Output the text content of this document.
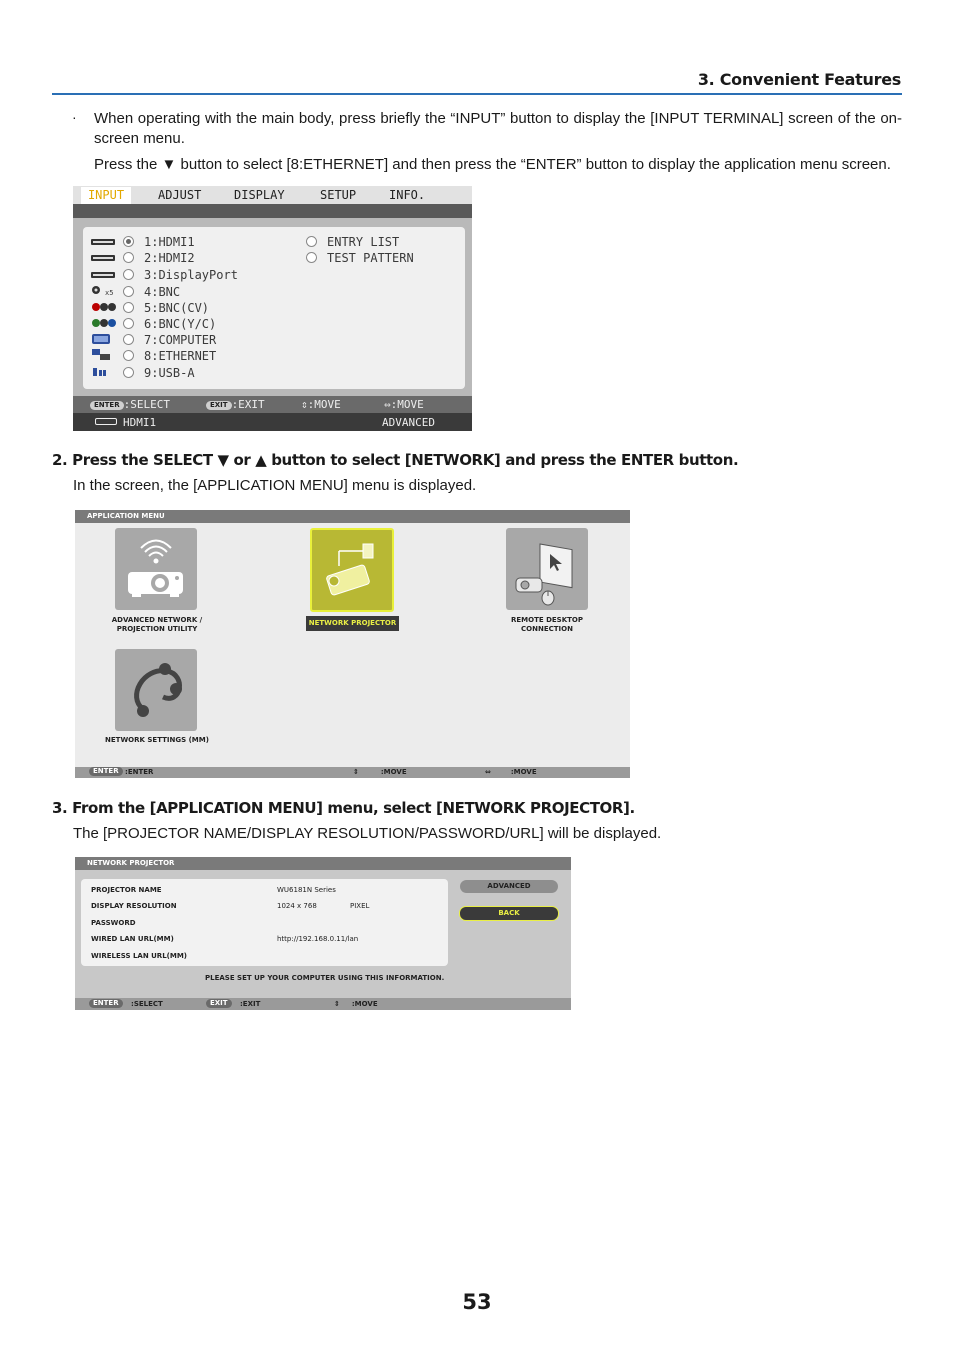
3. Convenient Features
· When operating with the main body, press briefly the “INPUT” button to display the [INPUT TERMINAL] screen of the on-screen menu.
Press the ▼ button to select [8:ETHERNET] and then press the “ENTER” button to display the application menu screen.
INPUT	ADJUST	DISPLAY	SETUP	INFO.
1:HDMI1
2:HDMI2
3:DisplayPort
x5	4:BNC
5:BNC(CV)
6:BNC(Y/C)
7:COMPUTER
8:ETHERNET
9:USB-A
ENTRY LIST
TEST PATTERN
ENTER :SELECT	EXIT :EXIT	⇕:MOVE	⇔:MOVE
HDMI1	ADVANCED
2. Press the SELECT ▼ or ▲ button to select [NETWORK] and press the ENTER button.
In the screen, the [APPLICATION MENU] menu is displayed.
APPLICATION MENU
ADVANCED NETWORK / PROJECTION UTILITY
NETWORK PROJECTOR	REMOTE DESKTOP CONNECTION
NETWORK SETTINGS (MM)
ENTER :ENTER	⇕	:MOVE	⇔	:MOVE
3. From the [APPLICATION MENU] menu, select [NETWORK PROJECTOR].
The [PROJECTOR NAME/DISPLAY RESOLUTION/PASSWORD/URL] will be displayed.
NETWORK PROJECTOR
PROJECTOR NAME	WU6181N Series
DISPLAY RESOLUTION	1024 x 768	PIXEL
PASSWORD
WIRED LAN URL(MM)	http://192.168.0.11/lan
WIRELESS LAN URL(MM)
ADVANCED
BACK
PLEASE SET UP YOUR COMPUTER USING THIS INFORMATION.
ENTER :SELECT	EXIT :EXIT	⇕ :MOVE
53
